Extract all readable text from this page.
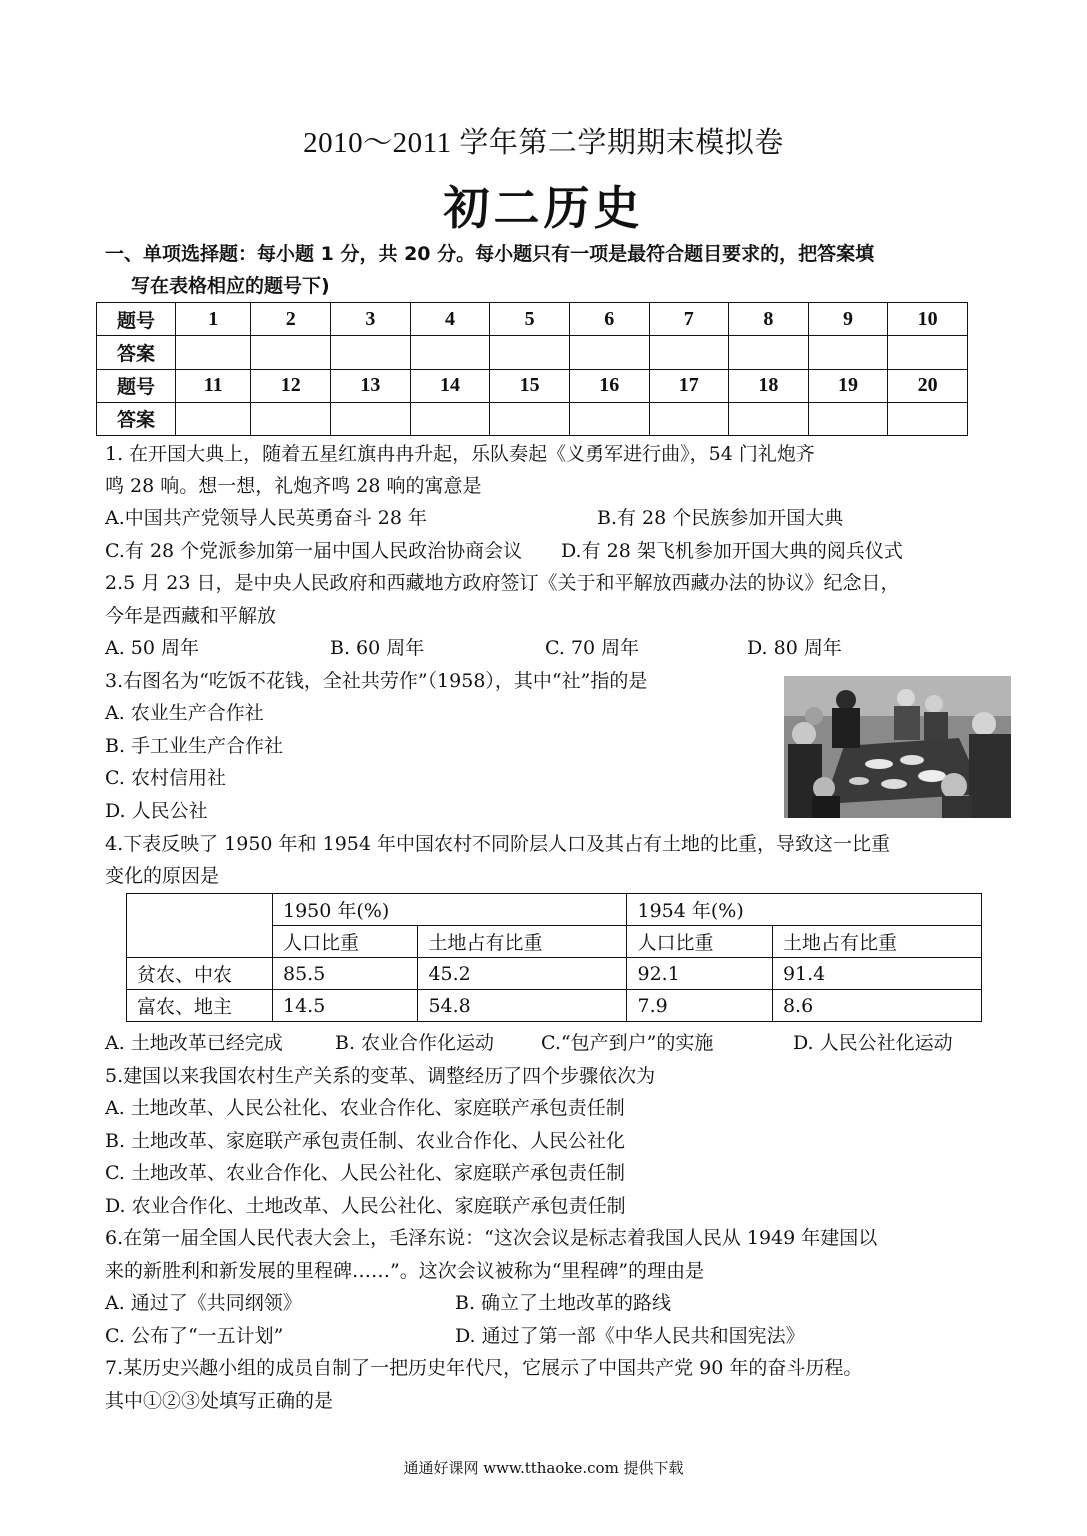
2010～2011 学年第二学期期末模拟卷
初二历史
一、单项选择题：每小题 1 分，共 20 分。每小题只有一项是最符合题目要求的，把答案填
写在表格相应的题号下)
题号	1	2	3	4	5	6	7	8	9	10
答案										
题号	11	12	13	14	15	16	17	18	19	20
答案										
1. 在开国大典上，随着五星红旗冉冉升起，乐队奏起《义勇军进行曲》，54 门礼炮齐
鸣 28 响。想一想，礼炮齐鸣 28 响的寓意是
A.中国共产党领导人民英勇奋斗 28 年	B.有 28 个民族参加开国大典
C.有 28 个党派参加第一届中国人民政治协商会议 D.有 28 架飞机参加开国大典的阅兵仪式
2.5 月 23 日，是中央人民政府和西藏地方政府签订《关于和平解放西藏办法的协议》纪念日，
今年是西藏和平解放
A. 50 周年	B. 60 周年	C. 70 周年	D. 80 周年
3.右图名为“吃饭不花钱，全社共劳作”（1958），其中“社”指的是
A. 农业生产合作社
B. 手工业生产合作社
C. 农村信用社
D. 人民公社
4.下表反映了 1950 年和 1954 年中国农村不同阶层人口及其占有土地的比重，导致这一比重
变化的原因是
	1950 年(%)		1954 年(%)	
	人口比重	土地占有比重	人口比重	土地占有比重
贫农、中农	85.5	45.2	92.1	91.4
富农、地主	14.5	54.8	7.9	8.6
A. 土地改革已经完成	B. 农业合作化运动 C.“包产到户”的实施	D. 人民公社化运动
5.建国以来我国农村生产关系的变革、调整经历了四个步骤依次为
A. 土地改革、人民公社化、农业合作化、家庭联产承包责任制
B. 土地改革、家庭联产承包责任制、农业合作化、人民公社化
C. 土地改革、农业合作化、人民公社化、家庭联产承包责任制
D. 农业合作化、土地改革、人民公社化、家庭联产承包责任制
6.在第一届全国人民代表大会上，毛泽东说：“这次会议是标志着我国人民从 1949 年建国以
来的新胜利和新发展的里程碑……”。这次会议被称为“里程碑”的理由是
A. 通过了《共同纲领》	B. 确立了土地改革的路线
C. 公布了“一五计划”	D. 通过了第一部《中华人民共和国宪法》
7.某历史兴趣小组的成员自制了一把历史年代尺，它展示了中国共产党 90 年的奋斗历程。
其中①②③处填写正确的是
通通好课网 www.tthaoke.com 提供下载
